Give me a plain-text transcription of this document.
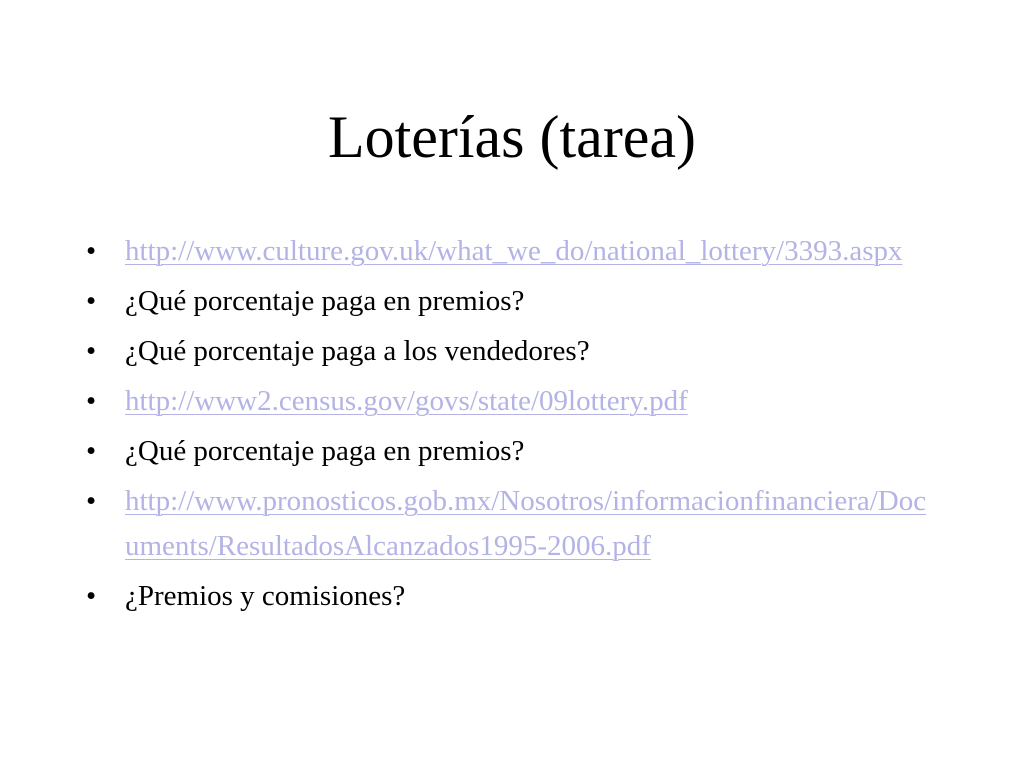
Loterías (tarea)
• http://www.culture.gov.uk/what_we_do/national_lottery/3393.aspx
• ¿Qué porcentaje paga en premios?
• ¿Qué porcentaje paga a los vendedores?
• http://www2.census.gov/govs/state/09lottery.pdf
• ¿Qué porcentaje paga en premios?
• http://www.pronosticos.gob.mx/Nosotros/informacionfinanciera/Documents/ResultadosAlcanzados1995-2006.pdf
• ¿Premios y comisiones?
